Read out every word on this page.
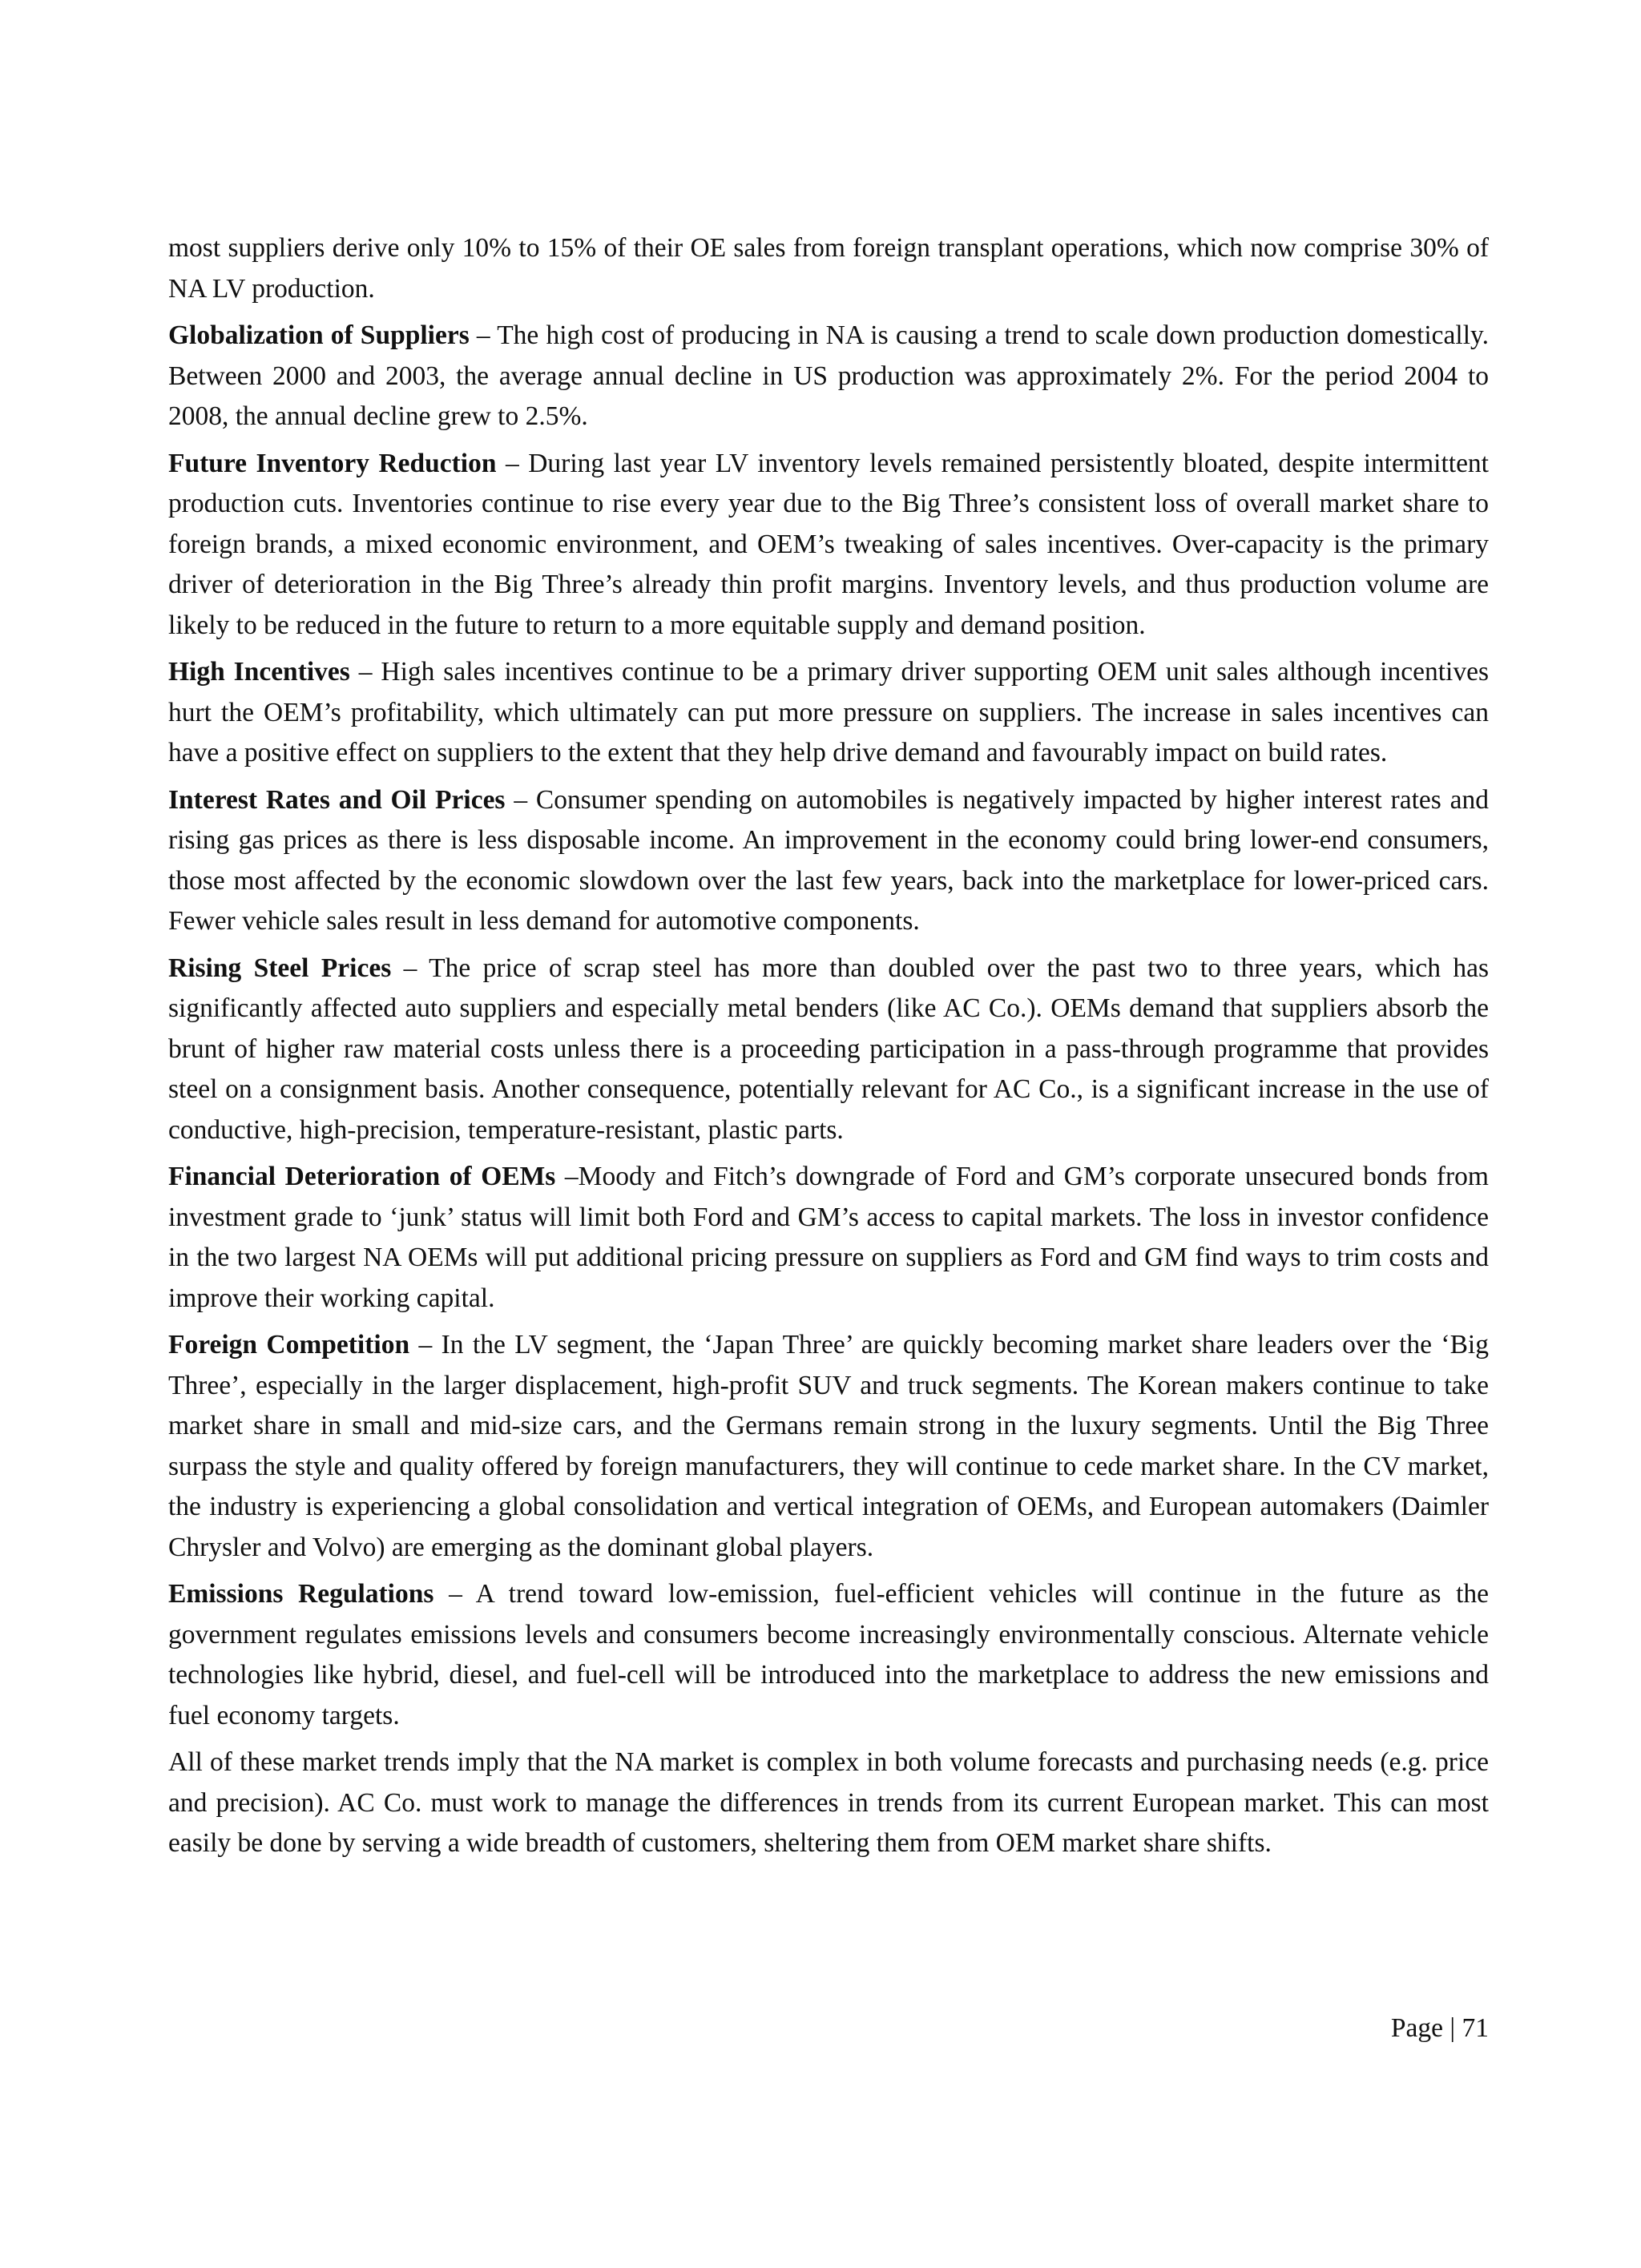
most suppliers derive only 10% to 15% of their OE sales from foreign transplant operations, which now comprise 30% of NA LV production.

Globalization of Suppliers – The high cost of producing in NA is causing a trend to scale down production domestically. Between 2000 and 2003, the average annual decline in US production was approximately 2%. For the period 2004 to 2008, the annual decline grew to 2.5%.

Future Inventory Reduction – During last year LV inventory levels remained persistently bloated, despite intermittent production cuts. Inventories continue to rise every year due to the Big Three’s consistent loss of overall market share to foreign brands, a mixed economic environment, and OEM’s tweaking of sales incentives. Over-capacity is the primary driver of deterioration in the Big Three’s already thin profit margins. Inventory levels, and thus production volume are likely to be reduced in the future to return to a more equitable supply and demand position.

High Incentives – High sales incentives continue to be a primary driver supporting OEM unit sales although incentives hurt the OEM’s profitability, which ultimately can put more pressure on suppliers. The increase in sales incentives can have a positive effect on suppliers to the extent that they help drive demand and favourably impact on build rates.

Interest Rates and Oil Prices – Consumer spending on automobiles is negatively impacted by higher interest rates and rising gas prices as there is less disposable income. An improvement in the economy could bring lower-end consumers, those most affected by the economic slowdown over the last few years, back into the marketplace for lower-priced cars. Fewer vehicle sales result in less demand for automotive components.

Rising Steel Prices – The price of scrap steel has more than doubled over the past two to three years, which has significantly affected auto suppliers and especially metal benders (like AC Co.). OEMs demand that suppliers absorb the brunt of higher raw material costs unless there is a proceeding participation in a pass-through programme that provides steel on a consignment basis. Another consequence, potentially relevant for AC Co., is a significant increase in the use of conductive, high-precision, temperature-resistant, plastic parts.

Financial Deterioration of OEMs –Moody and Fitch’s downgrade of Ford and GM’s corporate unsecured bonds from investment grade to ‘junk’ status will limit both Ford and GM’s access to capital markets. The loss in investor confidence in the two largest NA OEMs will put additional pricing pressure on suppliers as Ford and GM find ways to trim costs and improve their working capital.

Foreign Competition – In the LV segment, the ‘Japan Three’ are quickly becoming market share leaders over the ‘Big Three’, especially in the larger displacement, high-profit SUV and truck segments. The Korean makers continue to take market share in small and mid-size cars, and the Germans remain strong in the luxury segments. Until the Big Three surpass the style and quality offered by foreign manufacturers, they will continue to cede market share. In the CV market, the industry is experiencing a global consolidation and vertical integration of OEMs, and European automakers (Daimler Chrysler and Volvo) are emerging as the dominant global players.

Emissions Regulations – A trend toward low-emission, fuel-efficient vehicles will continue in the future as the government regulates emissions levels and consumers become increasingly environmentally conscious. Alternate vehicle technologies like hybrid, diesel, and fuel-cell will be introduced into the marketplace to address the new emissions and fuel economy targets.

All of these market trends imply that the NA market is complex in both volume forecasts and purchasing needs (e.g. price and precision). AC Co. must work to manage the differences in trends from its current European market. This can most easily be done by serving a wide breadth of customers, sheltering them from OEM market share shifts.

Page | 71
